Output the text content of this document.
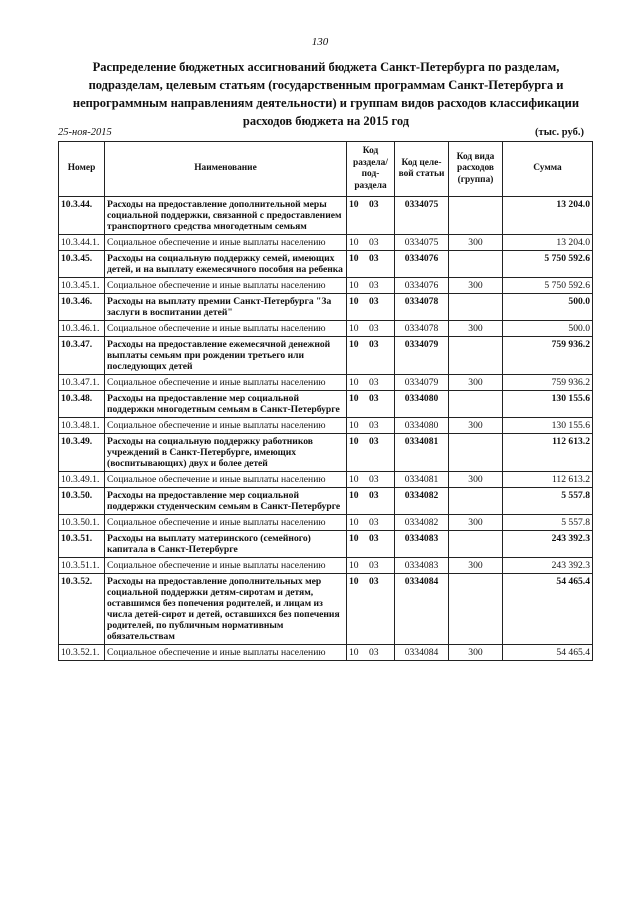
130
Распределение бюджетных ассигнований бюджета Санкт-Петербурга по разделам, подразделам, целевым статьям (государственным программам Санкт-Петербурга и непрограммным направлениям деятельности) и группам видов расходов классификации расходов бюджета на 2015 год
25-ноя-2015	(тыс. руб.)
Номер	Наименование	Код раздела/ под- раздела	Код целе- вой статьи	Код вида расходов (группа)	Сумма
10.3.44.	Расходы на предоставление дополнительной меры социальной поддержки, связанной с предоставлением транспортного средства многодетным семьям	10 03	0334075		13 204.0
10.3.44.1.	Социальное обеспечение и иные выплаты населению	10 03	0334075	300	13 204.0
10.3.45.	Расходы на социальную поддержку семей, имеющих детей, и на выплату ежемесячного пособия на ребенка	10 03	0334076		5 750 592.6
10.3.45.1.	Социальное обеспечение и иные выплаты населению	10 03	0334076	300	5 750 592.6
10.3.46.	Расходы на выплату премии Санкт-Петербурга "За заслуги в воспитании детей"	10 03	0334078		500.0
10.3.46.1.	Социальное обеспечение и иные выплаты населению	10 03	0334078	300	500.0
10.3.47.	Расходы на предоставление ежемесячной денежной выплаты семьям при рождении третьего или последующих детей	10 03	0334079		759 936.2
10.3.47.1.	Социальное обеспечение и иные выплаты населению	10 03	0334079	300	759 936.2
10.3.48.	Расходы на предоставление мер социальной поддержки многодетным семьям в Санкт-Петербурге	10 03	0334080		130 155.6
10.3.48.1.	Социальное обеспечение и иные выплаты населению	10 03	0334080	300	130 155.6
10.3.49.	Расходы на социальную поддержку работников учреждений в Санкт-Петербурге, имеющих (воспитывающих) двух и более детей	10 03	0334081		112 613.2
10.3.49.1.	Социальное обеспечение и иные выплаты населению	10 03	0334081	300	112 613.2
10.3.50.	Расходы на предоставление мер социальной поддержки студенческим семьям в Санкт-Петербурге	10 03	0334082		5 557.8
10.3.50.1.	Социальное обеспечение и иные выплаты населению	10 03	0334082	300	5 557.8
10.3.51.	Расходы на выплату материнского (семейного) капитала в Санкт-Петербурге	10 03	0334083		243 392.3
10.3.51.1.	Социальное обеспечение и иные выплаты населению	10 03	0334083	300	243 392.3
10.3.52.	Расходы на предоставление дополнительных мер социальной поддержки детям-сиротам и детям, оставшимся без попечения родителей, и лицам из числа детей-сирот и детей, оставшихся без попечения родителей, по публичным нормативным обязательствам	10 03	0334084		54 465.4
10.3.52.1.	Социальное обеспечение и иные выплаты населению	10 03	0334084	300	54 465.4
